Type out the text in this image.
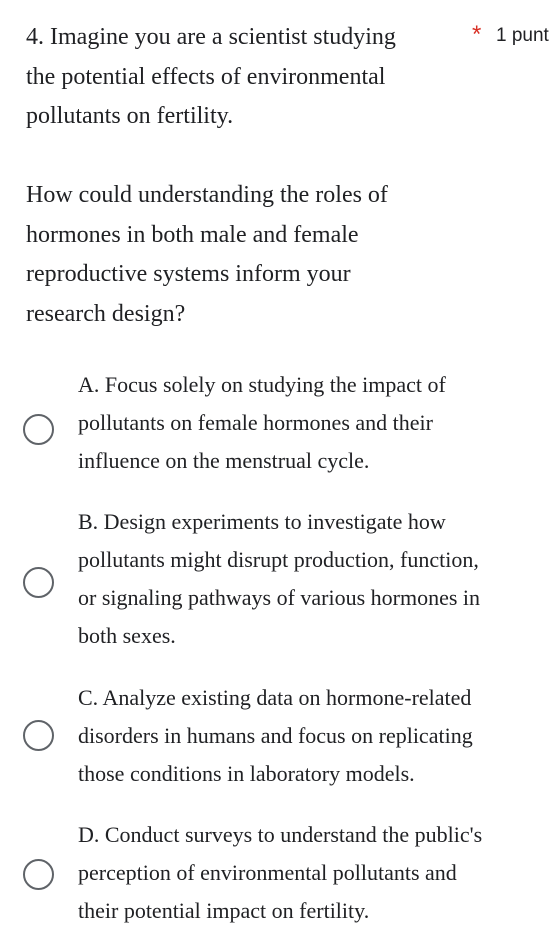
4. Imagine you are a scientist studying
the potential effects of environmental
pollutants on fertility.

How could understanding the roles of
hormones in both male and female
reproductive systems inform your
research design?
* 1 punt
A. Focus solely on studying the impact of
pollutants on female hormones and their
influence on the menstrual cycle.
B. Design experiments to investigate how
pollutants might disrupt production, function,
or signaling pathways of various hormones in
both sexes.
C. Analyze existing data on hormone-related
disorders in humans and focus on replicating
those conditions in laboratory models.
D. Conduct surveys to understand the public's
perception of environmental pollutants and
their potential impact on fertility.
